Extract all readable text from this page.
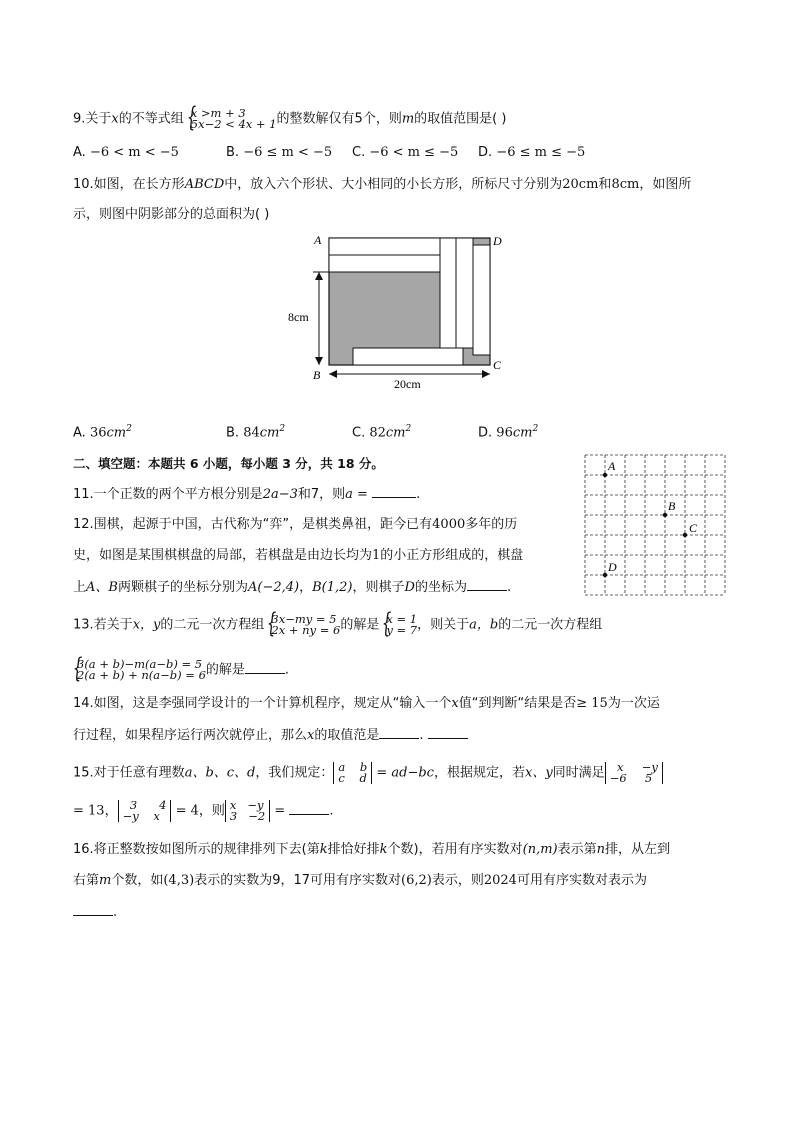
9.关于x的不等式组 { x >m + 3
5x−2 < 4x + 1 的整数解仅有5个，则m的取值范围是( )
A. −6 < m < −5	B. −6 ≤ m < −5 C. −6 < m ≤ −5 D. −6 ≤ m ≤ −5
10.如图，在长方形ABCD中，放入六个形状、大小相同的小长方形，所标尺寸分别为20cm和8cm，如图所
示，则图中阴影部分的总面积为( )
8cm
20cm
A
B
C
D
A. $36cm^2$	B. $84cm^2$	C. $82cm^2$	D. $96cm^2$
二、填空题：本题共 6 小题，每小题 3 分，共 18 分。	A
B
C
D
11.一个正数的两个平方根分别是2a−3和7，则a =	.
12.围棋，起源于中国，古代称为“弈”，是棋类鼻祖，距今已有4000多年的历
史，如图是某围棋棋盘的局部，若棋盘是由边长均为1的小正方形组成的，棋盘
上A、B两颗棋子的坐标分别为A(−2,4)，B(1,2)，则棋子D的坐标为	.
13.若关于x，y的二元一次方程组 { 3x−my = 5
2x + ny = 6 的解是 { x = 1
y = 7 ，则关于a，b的二元一次方程组
{ 3(a + b)−m(a−b) = 5
2(a + b) + n(a−b) = 6 的解是	.
14.如图，这是李强同学设计的一个计算机程序，规定从“输入一个x值“到判断“结果是否≥ 15为一次运
行过程，如果程序运行两次就停止，那么x的取值范是	.
15.对于任意有理数a、b、c、d，我们规定： a    b
c    d = ad−bc，根据规定，若x、y同时满足 x     −y
−6     5
= 13， 3      4
−y    x	= 4，则 x   −y
3   −2 =	.
16.将正整数按如图所示的规律排列下去(第k排恰好排k个数)，若用有序实数对(n,m)表示第n排，从左到
右第m个数，如(4,3)表示的实数为9，17可用有序实数对(6,2)表示，则2024可用有序实数对表示为
.
